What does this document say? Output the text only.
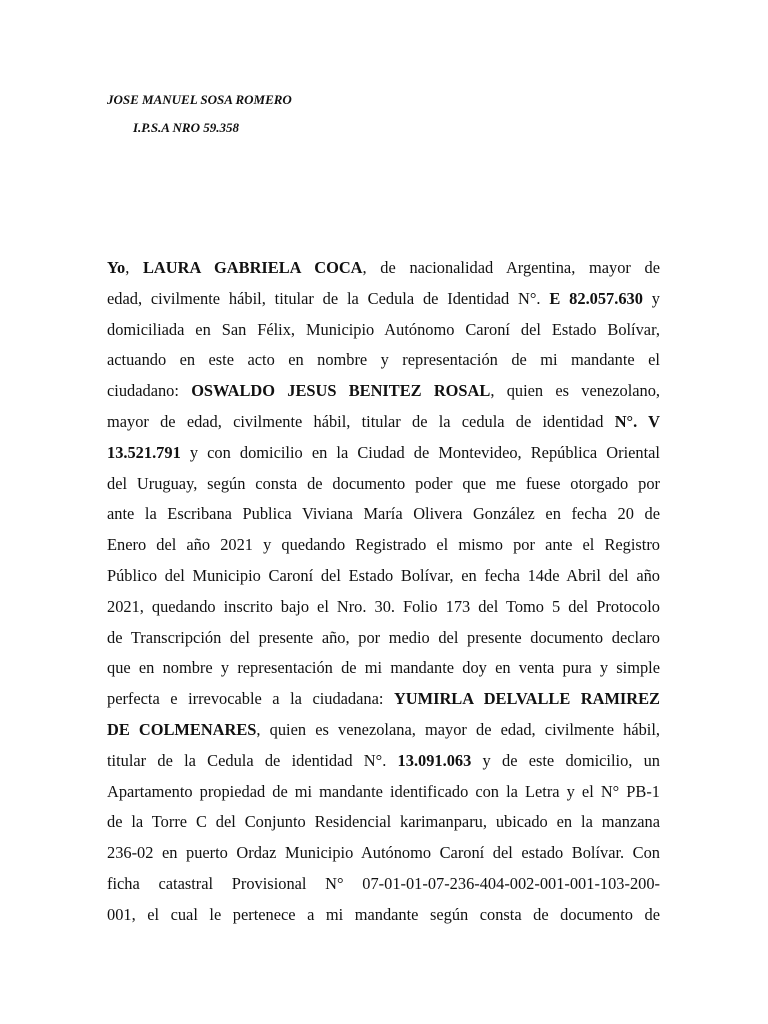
JOSE MANUEL SOSA ROMERO
I.P.S.A NRO 59.358
Yo, LAURA GABRIELA COCA, de nacionalidad Argentina, mayor de
edad, civilmente hábil, titular de la Cedula de Identidad N°. E 82.057.630 y
domiciliada en San Félix, Municipio Autónomo Caroní del Estado Bolívar,
actuando en este acto en nombre y representación de mi mandante el
ciudadano: OSWALDO JESUS BENITEZ ROSAL, quien es venezolano,
mayor de edad, civilmente hábil, titular de la cedula de identidad N°. V
13.521.791 y con domicilio en la Ciudad de Montevideo, República Oriental
del Uruguay, según consta de documento poder que me fuese otorgado por
ante la Escribana Publica Viviana María Olivera González en fecha 20 de
Enero del año 2021 y quedando Registrado el mismo por ante el Registro
Público del Municipio Caroní del Estado Bolívar, en fecha 14de Abril del año
2021, quedando inscrito bajo el Nro. 30. Folio 173 del Tomo 5 del Protocolo
de Transcripción del presente año, por medio del presente documento declaro
que en nombre y representación de mi mandante doy en venta pura y simple
perfecta e irrevocable a la ciudadana: YUMIRLA DELVALLE RAMIREZ
DE COLMENARES, quien es venezolana, mayor de edad, civilmente hábil,
titular de la Cedula de identidad N°. 13.091.063 y de este domicilio, un
Apartamento propiedad de mi mandante identificado con la Letra y el N° PB-1
de la Torre C del Conjunto Residencial karimanparu, ubicado en la manzana
236-02 en puerto Ordaz Municipio Autónomo Caroní del estado Bolívar. Con
ficha catastral Provisional N° 07-01-01-07-236-404-002-001-001-103-200-
001, el cual le pertenece a mi mandante según consta de documento de
